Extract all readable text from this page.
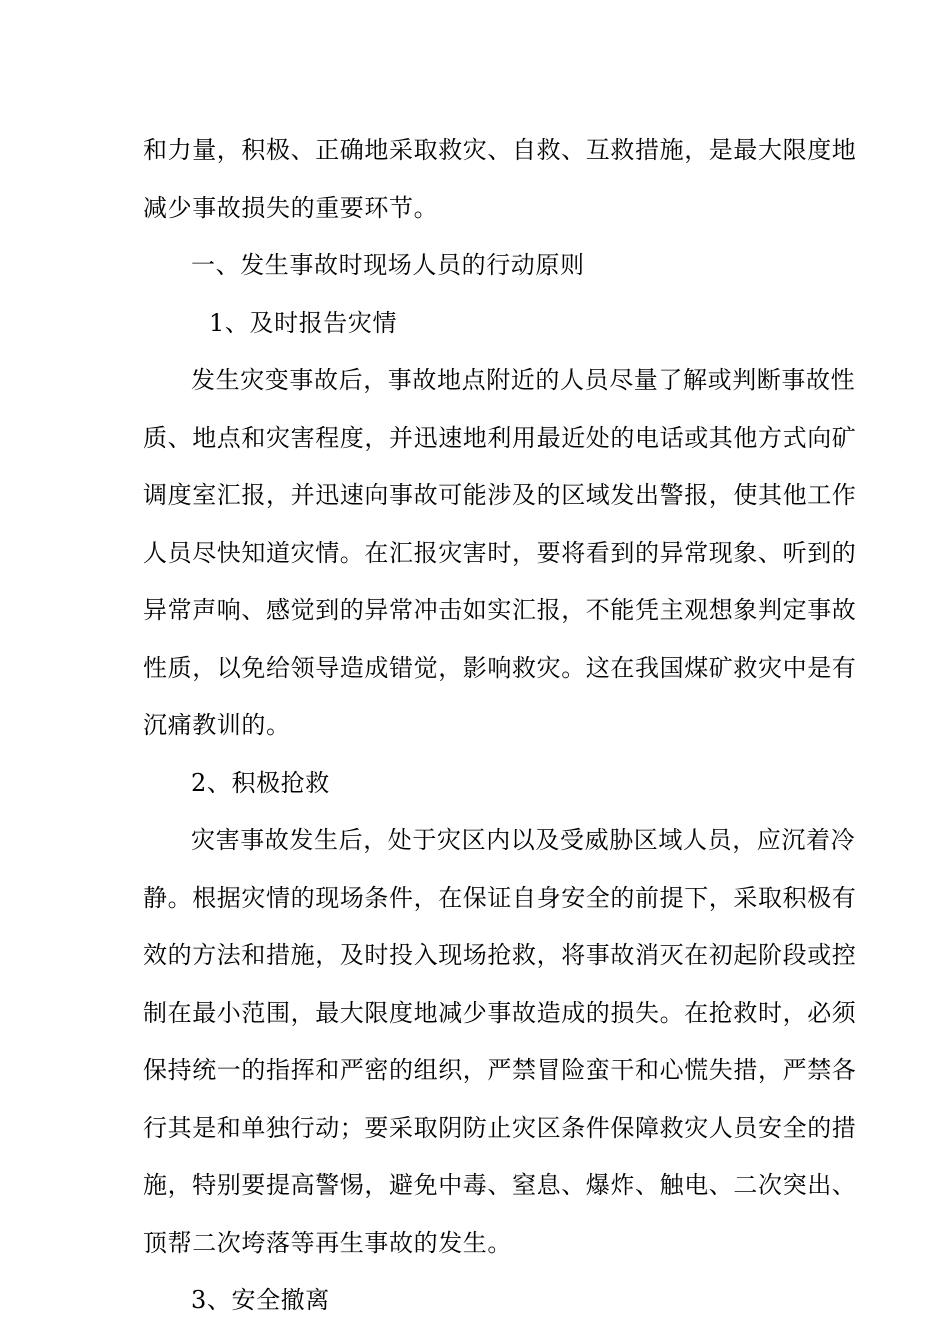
和力量，积极、正确地采取救灾、自救、互救措施，是最大限度地
减少事故损失的重要环节。
一、发生事故时现场人员的行动原则
1、及时报告灾情
发生灾变事故后，事故地点附近的人员尽量了解或判断事故性
质、地点和灾害程度，并迅速地利用最近处的电话或其他方式向矿
调度室汇报，并迅速向事故可能涉及的区域发出警报，使其他工作
人员尽快知道灾情。在汇报灾害时，要将看到的异常现象、听到的
异常声响、感觉到的异常冲击如实汇报，不能凭主观想象判定事故
性质，以免给领导造成错觉，影响救灾。这在我国煤矿救灾中是有
沉痛教训的。
2、积极抢救
灾害事故发生后，处于灾区内以及受威胁区域人员，应沉着冷
静。根据灾情的现场条件，在保证自身安全的前提下，采取积极有
效的方法和措施，及时投入现场抢救，将事故消灭在初起阶段或控
制在最小范围，最大限度地减少事故造成的损失。在抢救时，必须
保持统一的指挥和严密的组织，严禁冒险蛮干和心慌失措，严禁各
行其是和单独行动；要采取阴防止灾区条件保障救灾人员安全的措
施，特别要提高警惕，避免中毒、窒息、爆炸、触电、二次突出、
顶帮二次垮落等再生事故的发生。
3、安全撤离
